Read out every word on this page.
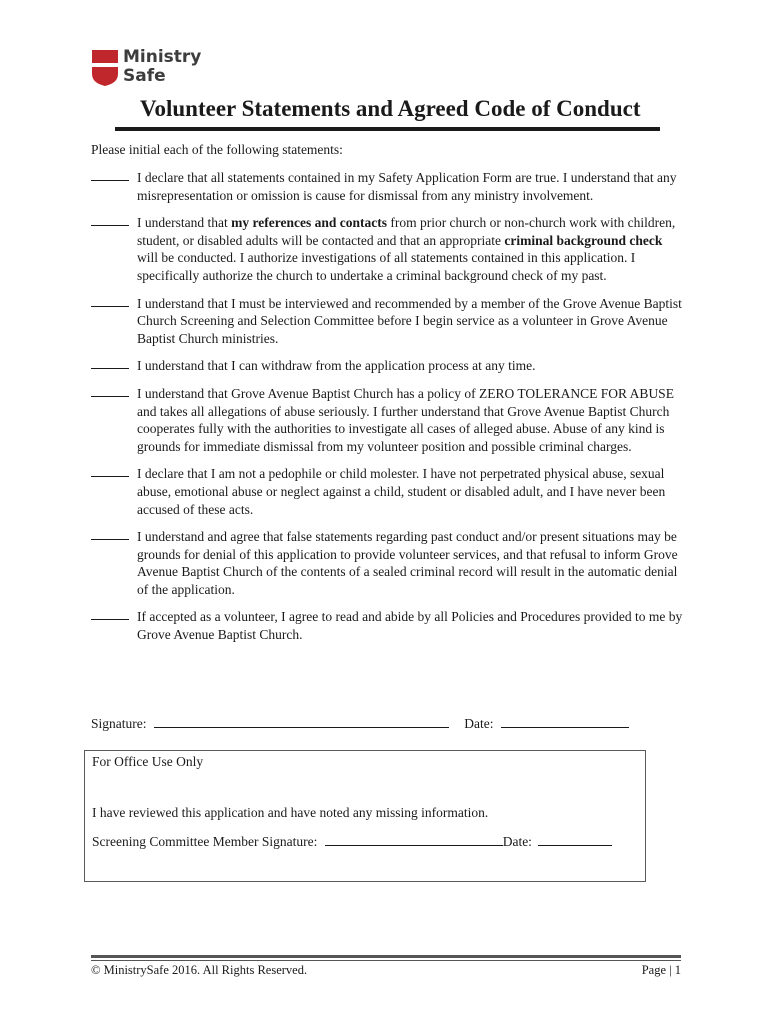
Ministry
Safe
Volunteer Statements and Agreed Code of Conduct
Please initial each of the following statements:
I declare that all statements contained in my Safety Application Form are true. I understand that any misrepresentation or omission is cause for dismissal from any ministry involvement.
I understand that my references and contacts from prior church or non-church work with children, student, or disabled adults will be contacted and that an appropriate criminal background check will be conducted. I authorize investigations of all statements contained in this application. I specifically authorize the church to undertake a criminal background check of my past.
I understand that I must be interviewed and recommended by a member of the Grove Avenue Baptist Church Screening and Selection Committee before I begin service as a volunteer in Grove Avenue Baptist Church ministries.
I understand that I can withdraw from the application process at any time.
I understand that Grove Avenue Baptist Church has a policy of ZERO TOLERANCE FOR ABUSE and takes all allegations of abuse seriously. I further understand that Grove Avenue Baptist Church cooperates fully with the authorities to investigate all cases of alleged abuse. Abuse of any kind is grounds for immediate dismissal from my volunteer position and possible criminal charges.
I declare that I am not a pedophile or child molester. I have not perpetrated physical abuse, sexual abuse, emotional abuse or neglect against a child, student or disabled adult, and I have never been accused of these acts.
I understand and agree that false statements regarding past conduct and/or present situations may be grounds for denial of this application to provide volunteer services, and that refusal to inform Grove Avenue Baptist Church of the contents of a sealed criminal record will result in the automatic denial of the application.
If accepted as a volunteer, I agree to read and abide by all Policies and Procedures provided to me by Grove Avenue Baptist Church.
Signature:	Date:
For Office Use Only
I have reviewed this application and have noted any missing information.
Screening Committee Member Signature:	Date:
© MinistrySafe 2016. All Rights Reserved.	Page | 1
